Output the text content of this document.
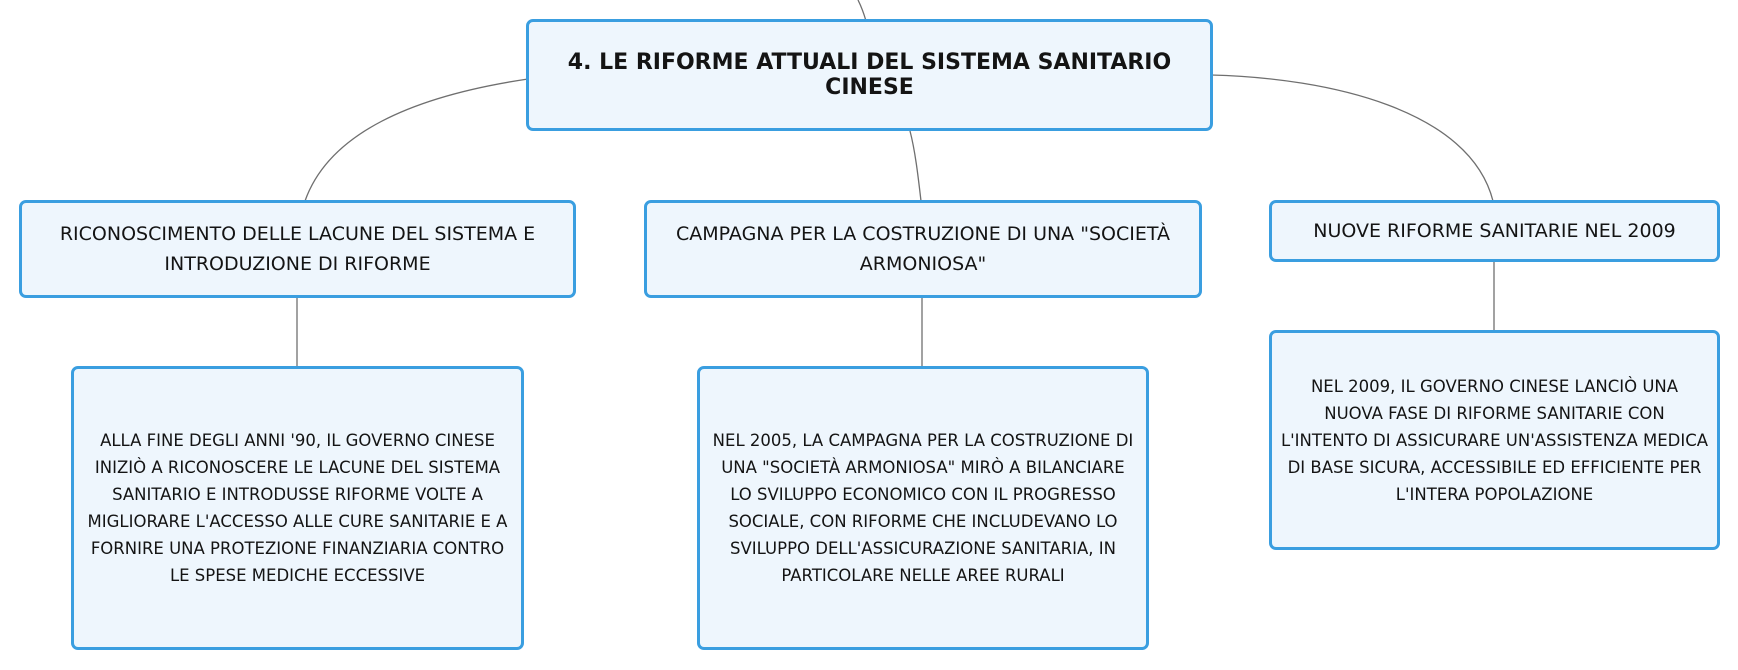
4. LE RIFORME ATTUALI DEL SISTEMA SANITARIO CINESE
RICONOSCIMENTO DELLE LACUNE DEL SISTEMA E INTRODUZIONE DI RIFORME
CAMPAGNA PER LA COSTRUZIONE DI UNA "SOCIETÀ ARMONIOSA"
NUOVE RIFORME SANITARIE NEL 2009
ALLA FINE DEGLI ANNI '90, IL GOVERNO CINESE INIZIÒ A RICONOSCERE LE LACUNE DEL SISTEMA SANITARIO E INTRODUSSE RIFORME VOLTE A MIGLIORARE L'ACCESSO ALLE CURE SANITARIE E A FORNIRE UNA PROTEZIONE FINANZIARIA CONTRO LE SPESE MEDICHE ECCESSIVE
NEL 2005, LA CAMPAGNA PER LA COSTRUZIONE DI UNA "SOCIETÀ ARMONIOSA" MIRÒ A BILANCIARE LO SVILUPPO ECONOMICO CON IL PROGRESSO SOCIALE, CON RIFORME CHE INCLUDEVANO LO SVILUPPO DELL'ASSICURAZIONE SANITARIA, IN PARTICOLARE NELLE AREE RURALI
NEL 2009, IL GOVERNO CINESE LANCIÒ UNA NUOVA FASE DI RIFORME SANITARIE CON L'INTENTO DI ASSICURARE UN'ASSISTENZA MEDICA DI BASE SICURA, ACCESSIBILE ED EFFICIENTE PER L'INTERA POPOLAZIONE
